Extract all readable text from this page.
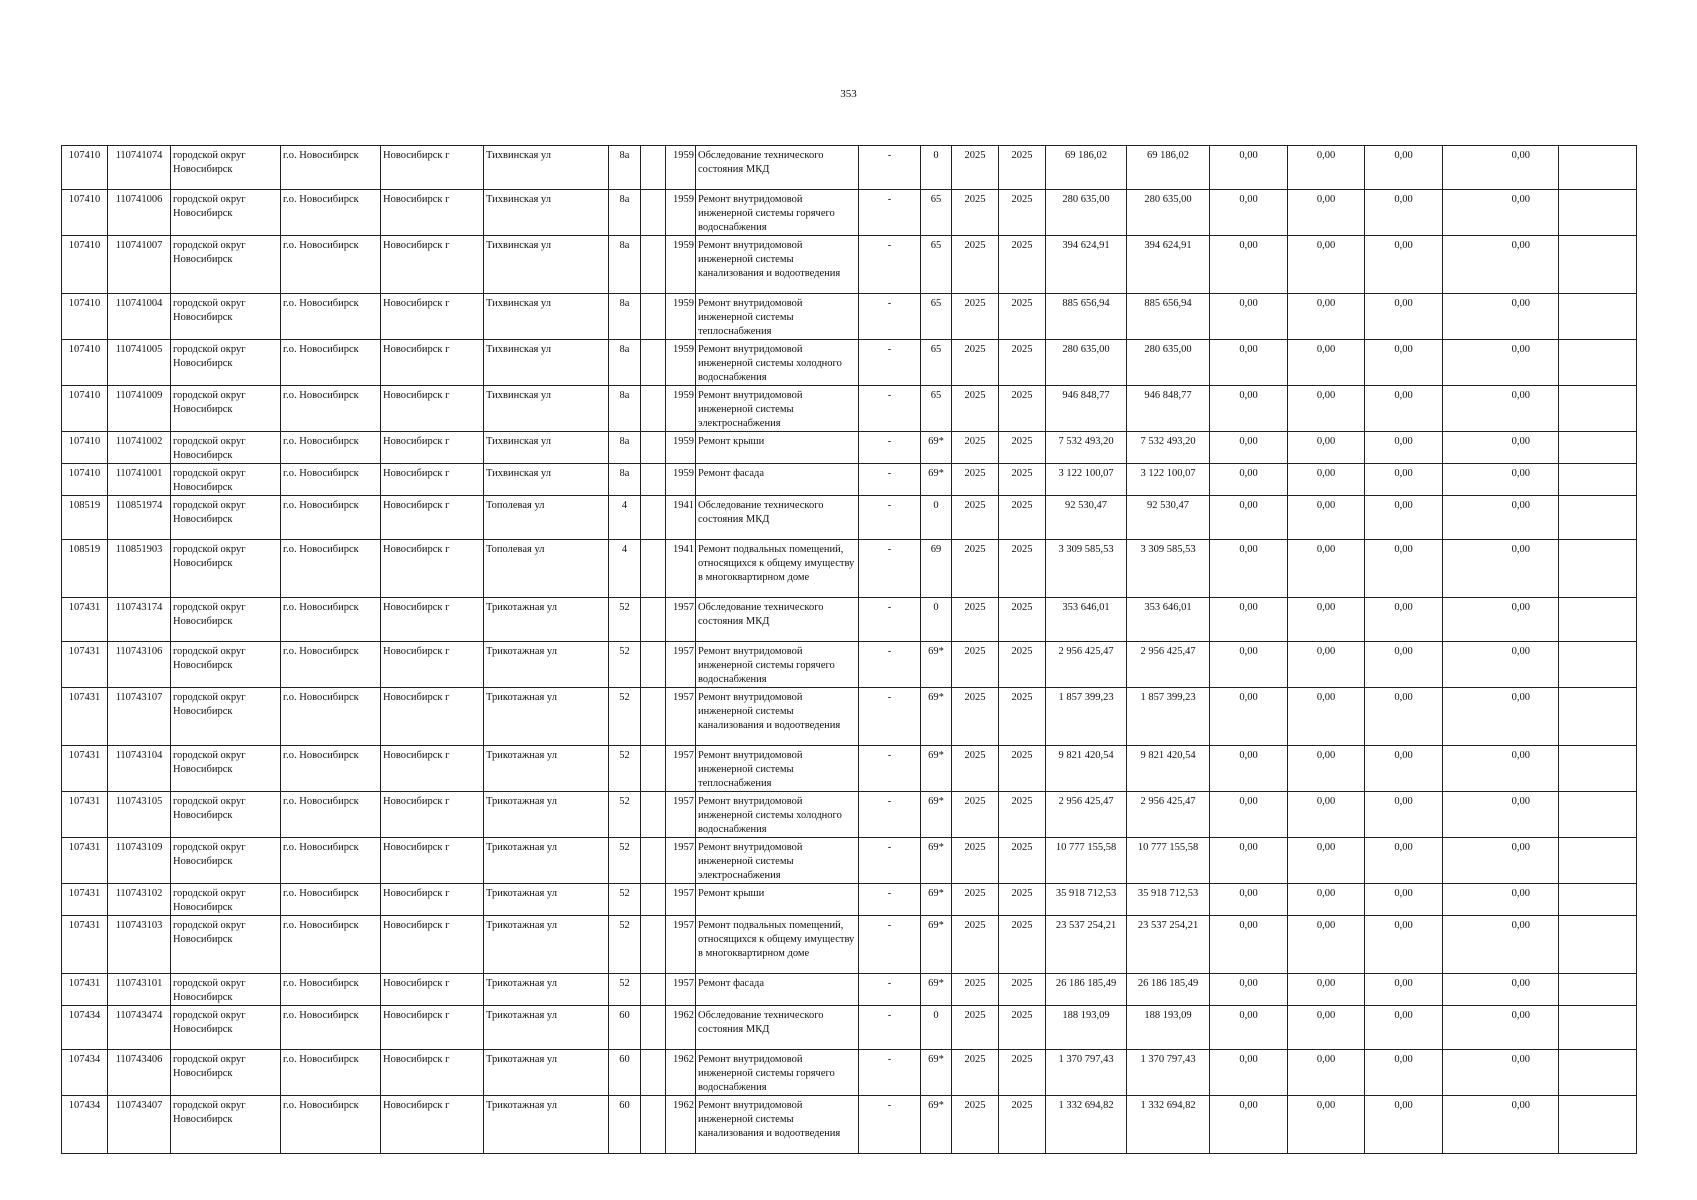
353
107410	110741074	городской округ Новосибирск	г.о. Новосибирск	Новосибирск г	Тихвинская ул	8а		1959	Обследование технического состояния МКД	-	0	2025	2025	69 186,02	69 186,02	0,00	0,00	0,00	0,00	
107410	110741006	городской округ Новосибирск	г.о. Новосибирск	Новосибирск г	Тихвинская ул	8а		1959	Ремонт внутридомовой инженерной системы горячего водоснабжения	-	65	2025	2025	280 635,00	280 635,00	0,00	0,00	0,00	0,00	
107410	110741007	городской округ Новосибирск	г.о. Новосибирск	Новосибирск г	Тихвинская ул	8а		1959	Ремонт внутридомовой инженерной системы канализования и водоотведения	-	65	2025	2025	394 624,91	394 624,91	0,00	0,00	0,00	0,00	
107410	110741004	городской округ Новосибирск	г.о. Новосибирск	Новосибирск г	Тихвинская ул	8а		1959	Ремонт внутридомовой инженерной системы теплоснабжения	-	65	2025	2025	885 656,94	885 656,94	0,00	0,00	0,00	0,00	
107410	110741005	городской округ Новосибирск	г.о. Новосибирск	Новосибирск г	Тихвинская ул	8а		1959	Ремонт внутридомовой инженерной системы холодного водоснабжения	-	65	2025	2025	280 635,00	280 635,00	0,00	0,00	0,00	0,00	
107410	110741009	городской округ Новосибирск	г.о. Новосибирск	Новосибирск г	Тихвинская ул	8а		1959	Ремонт внутридомовой инженерной системы электроснабжения	-	65	2025	2025	946 848,77	946 848,77	0,00	0,00	0,00	0,00	
107410	110741002	городской округ Новосибирск	г.о. Новосибирск	Новосибирск г	Тихвинская ул	8а		1959	Ремонт крыши	-	69*	2025	2025	7 532 493,20	7 532 493,20	0,00	0,00	0,00	0,00	
107410	110741001	городской округ Новосибирск	г.о. Новосибирск	Новосибирск г	Тихвинская ул	8а		1959	Ремонт фасада	-	69*	2025	2025	3 122 100,07	3 122 100,07	0,00	0,00	0,00	0,00	
108519	110851974	городской округ Новосибирск	г.о. Новосибирск	Новосибирск г	Тополевая ул	4		1941	Обследование технического состояния МКД	-	0	2025	2025	92 530,47	92 530,47	0,00	0,00	0,00	0,00	
108519	110851903	городской округ Новосибирск	г.о. Новосибирск	Новосибирск г	Тополевая ул	4		1941	Ремонт подвальных помещений, относящихся к общему имуществу в многоквартирном доме	-	69	2025	2025	3 309 585,53	3 309 585,53	0,00	0,00	0,00	0,00	
107431	110743174	городской округ Новосибирск	г.о. Новосибирск	Новосибирск г	Трикотажная ул	52		1957	Обследование технического состояния МКД	-	0	2025	2025	353 646,01	353 646,01	0,00	0,00	0,00	0,00	
107431	110743106	городской округ Новосибирск	г.о. Новосибирск	Новосибирск г	Трикотажная ул	52		1957	Ремонт внутридомовой инженерной системы горячего водоснабжения	-	69*	2025	2025	2 956 425,47	2 956 425,47	0,00	0,00	0,00	0,00	
107431	110743107	городской округ Новосибирск	г.о. Новосибирск	Новосибирск г	Трикотажная ул	52		1957	Ремонт внутридомовой инженерной системы канализования и водоотведения	-	69*	2025	2025	1 857 399,23	1 857 399,23	0,00	0,00	0,00	0,00	
107431	110743104	городской округ Новосибирск	г.о. Новосибирск	Новосибирск г	Трикотажная ул	52		1957	Ремонт внутридомовой инженерной системы теплоснабжения	-	69*	2025	2025	9 821 420,54	9 821 420,54	0,00	0,00	0,00	0,00	
107431	110743105	городской округ Новосибирск	г.о. Новосибирск	Новосибирск г	Трикотажная ул	52		1957	Ремонт внутридомовой инженерной системы холодного водоснабжения	-	69*	2025	2025	2 956 425,47	2 956 425,47	0,00	0,00	0,00	0,00	
107431	110743109	городской округ Новосибирск	г.о. Новосибирск	Новосибирск г	Трикотажная ул	52		1957	Ремонт внутридомовой инженерной системы электроснабжения	-	69*	2025	2025	10 777 155,58	10 777 155,58	0,00	0,00	0,00	0,00	
107431	110743102	городской округ Новосибирск	г.о. Новосибирск	Новосибирск г	Трикотажная ул	52		1957	Ремонт крыши	-	69*	2025	2025	35 918 712,53	35 918 712,53	0,00	0,00	0,00	0,00	
107431	110743103	городской округ Новосибирск	г.о. Новосибирск	Новосибирск г	Трикотажная ул	52		1957	Ремонт подвальных помещений, относящихся к общему имуществу в многоквартирном доме	-	69*	2025	2025	23 537 254,21	23 537 254,21	0,00	0,00	0,00	0,00	
107431	110743101	городской округ Новосибирск	г.о. Новосибирск	Новосибирск г	Трикотажная ул	52		1957	Ремонт фасада	-	69*	2025	2025	26 186 185,49	26 186 185,49	0,00	0,00	0,00	0,00	
107434	110743474	городской округ Новосибирск	г.о. Новосибирск	Новосибирск г	Трикотажная ул	60		1962	Обследование технического состояния МКД	-	0	2025	2025	188 193,09	188 193,09	0,00	0,00	0,00	0,00	
107434	110743406	городской округ Новосибирск	г.о. Новосибирск	Новосибирск г	Трикотажная ул	60		1962	Ремонт внутридомовой инженерной системы горячего водоснабжения	-	69*	2025	2025	1 370 797,43	1 370 797,43	0,00	0,00	0,00	0,00	
107434	110743407	городской округ Новосибирск	г.о. Новосибирск	Новосибирск г	Трикотажная ул	60		1962	Ремонт внутридомовой инженерной системы канализования и водоотведения	-	69*	2025	2025	1 332 694,82	1 332 694,82	0,00	0,00	0,00	0,00	
